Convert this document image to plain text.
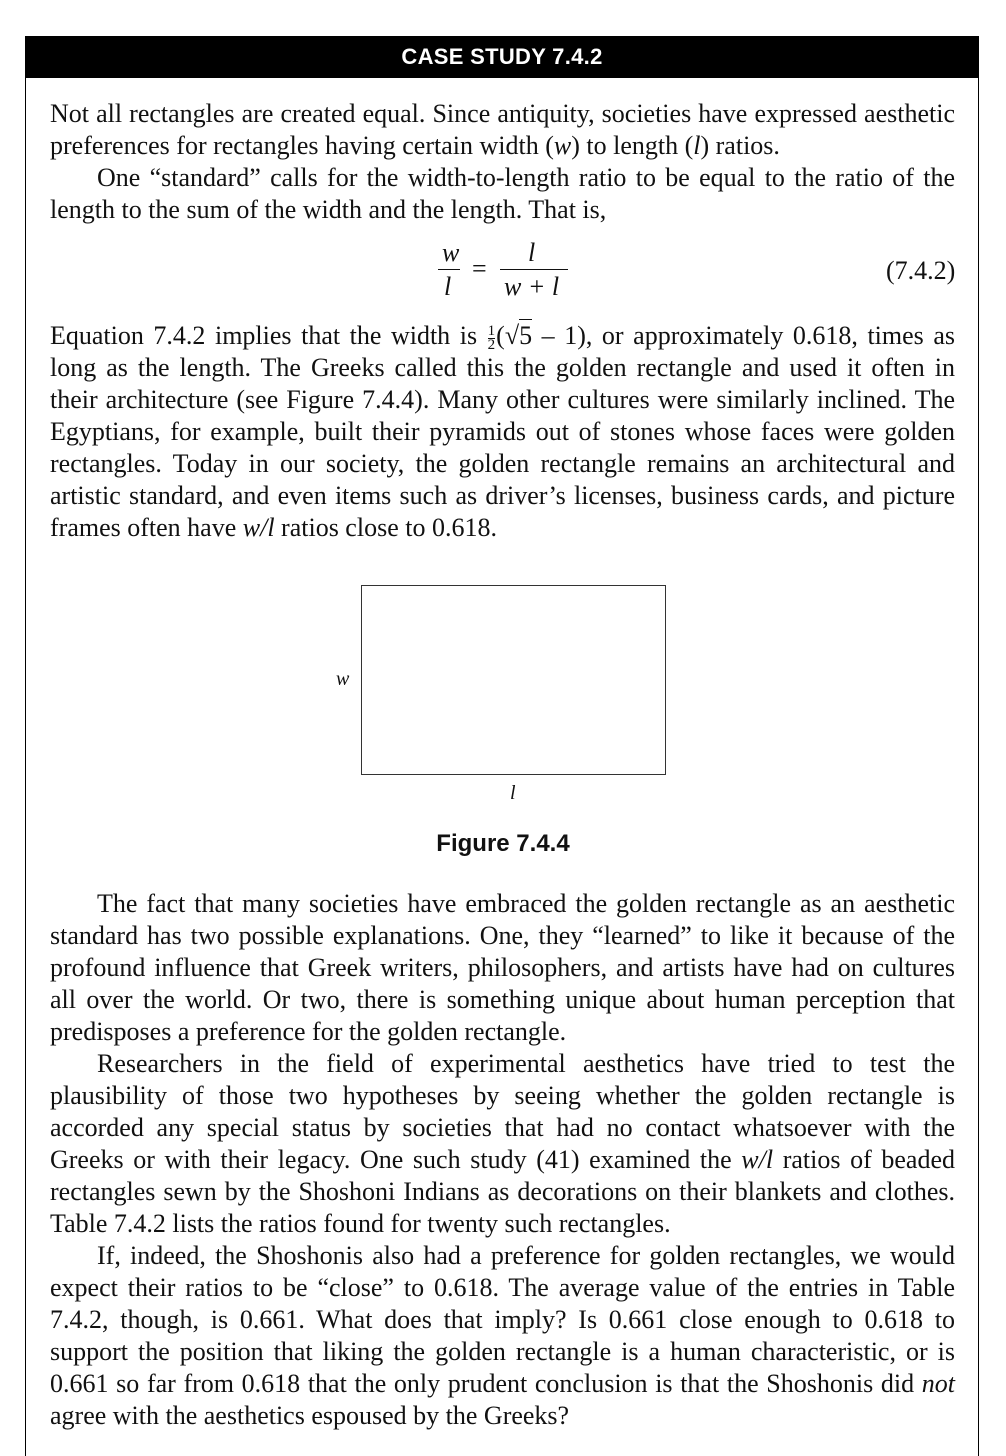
CASE STUDY 7.4.2

Not all rectangles are created equal. Since antiquity, societies have expressed aesthetic preferences for rectangles having certain width (w) to length (l) ratios.

One “standard” calls for the width-to-length ratio to be equal to the ratio of the length to the sum of the width and the length. That is,

w
l
=
l
w + l
(7.4.2)

Equation 7.4.2 implies that the width is $\frac{1}{2} (√5 - 1)$, or approximately 0.618, times as long as the length. The Greeks called this the golden rectangle and used it often in their architecture (see Figure 7.4.4). Many other cultures were similarly inclined. The Egyptians, for example, built their pyramids out of stones whose faces were golden rectangles. Today in our society, the golden rectangle remains an architectural and artistic standard, and even items such as driver’s licenses, business cards, and picture frames often have w/l ratios close to 0.618.

w
l
Figure 7.4.4

The fact that many societies have embraced the golden rectangle as an aesthetic standard has two possible explanations. One, they “learned” to like it because of the profound influence that Greek writers, philosophers, and artists have had on cultures all over the world. Or two, there is something unique about human perception that predisposes a preference for the golden rectangle.

Researchers in the field of experimental aesthetics have tried to test the plausibility of those two hypotheses by seeing whether the golden rectangle is accorded any special status by societies that had no contact whatsoever with the Greeks or with their legacy. One such study (41) examined the w/l ratios of beaded rectangles sewn by the Shoshoni Indians as decorations on their blankets and clothes. Table 7.4.2 lists the ratios found for twenty such rectangles.

If, indeed, the Shoshonis also had a preference for golden rectangles, we would expect their ratios to be “close” to 0.618. The average value of the entries in Table 7.4.2, though, is 0.661. What does that imply? Is 0.661 close enough to 0.618 to support the position that liking the golden rectangle is a human characteristic, or is 0.661 so far from 0.618 that the only prudent conclusion is that the Shoshonis did not agree with the aesthetics espoused by the Greeks?
